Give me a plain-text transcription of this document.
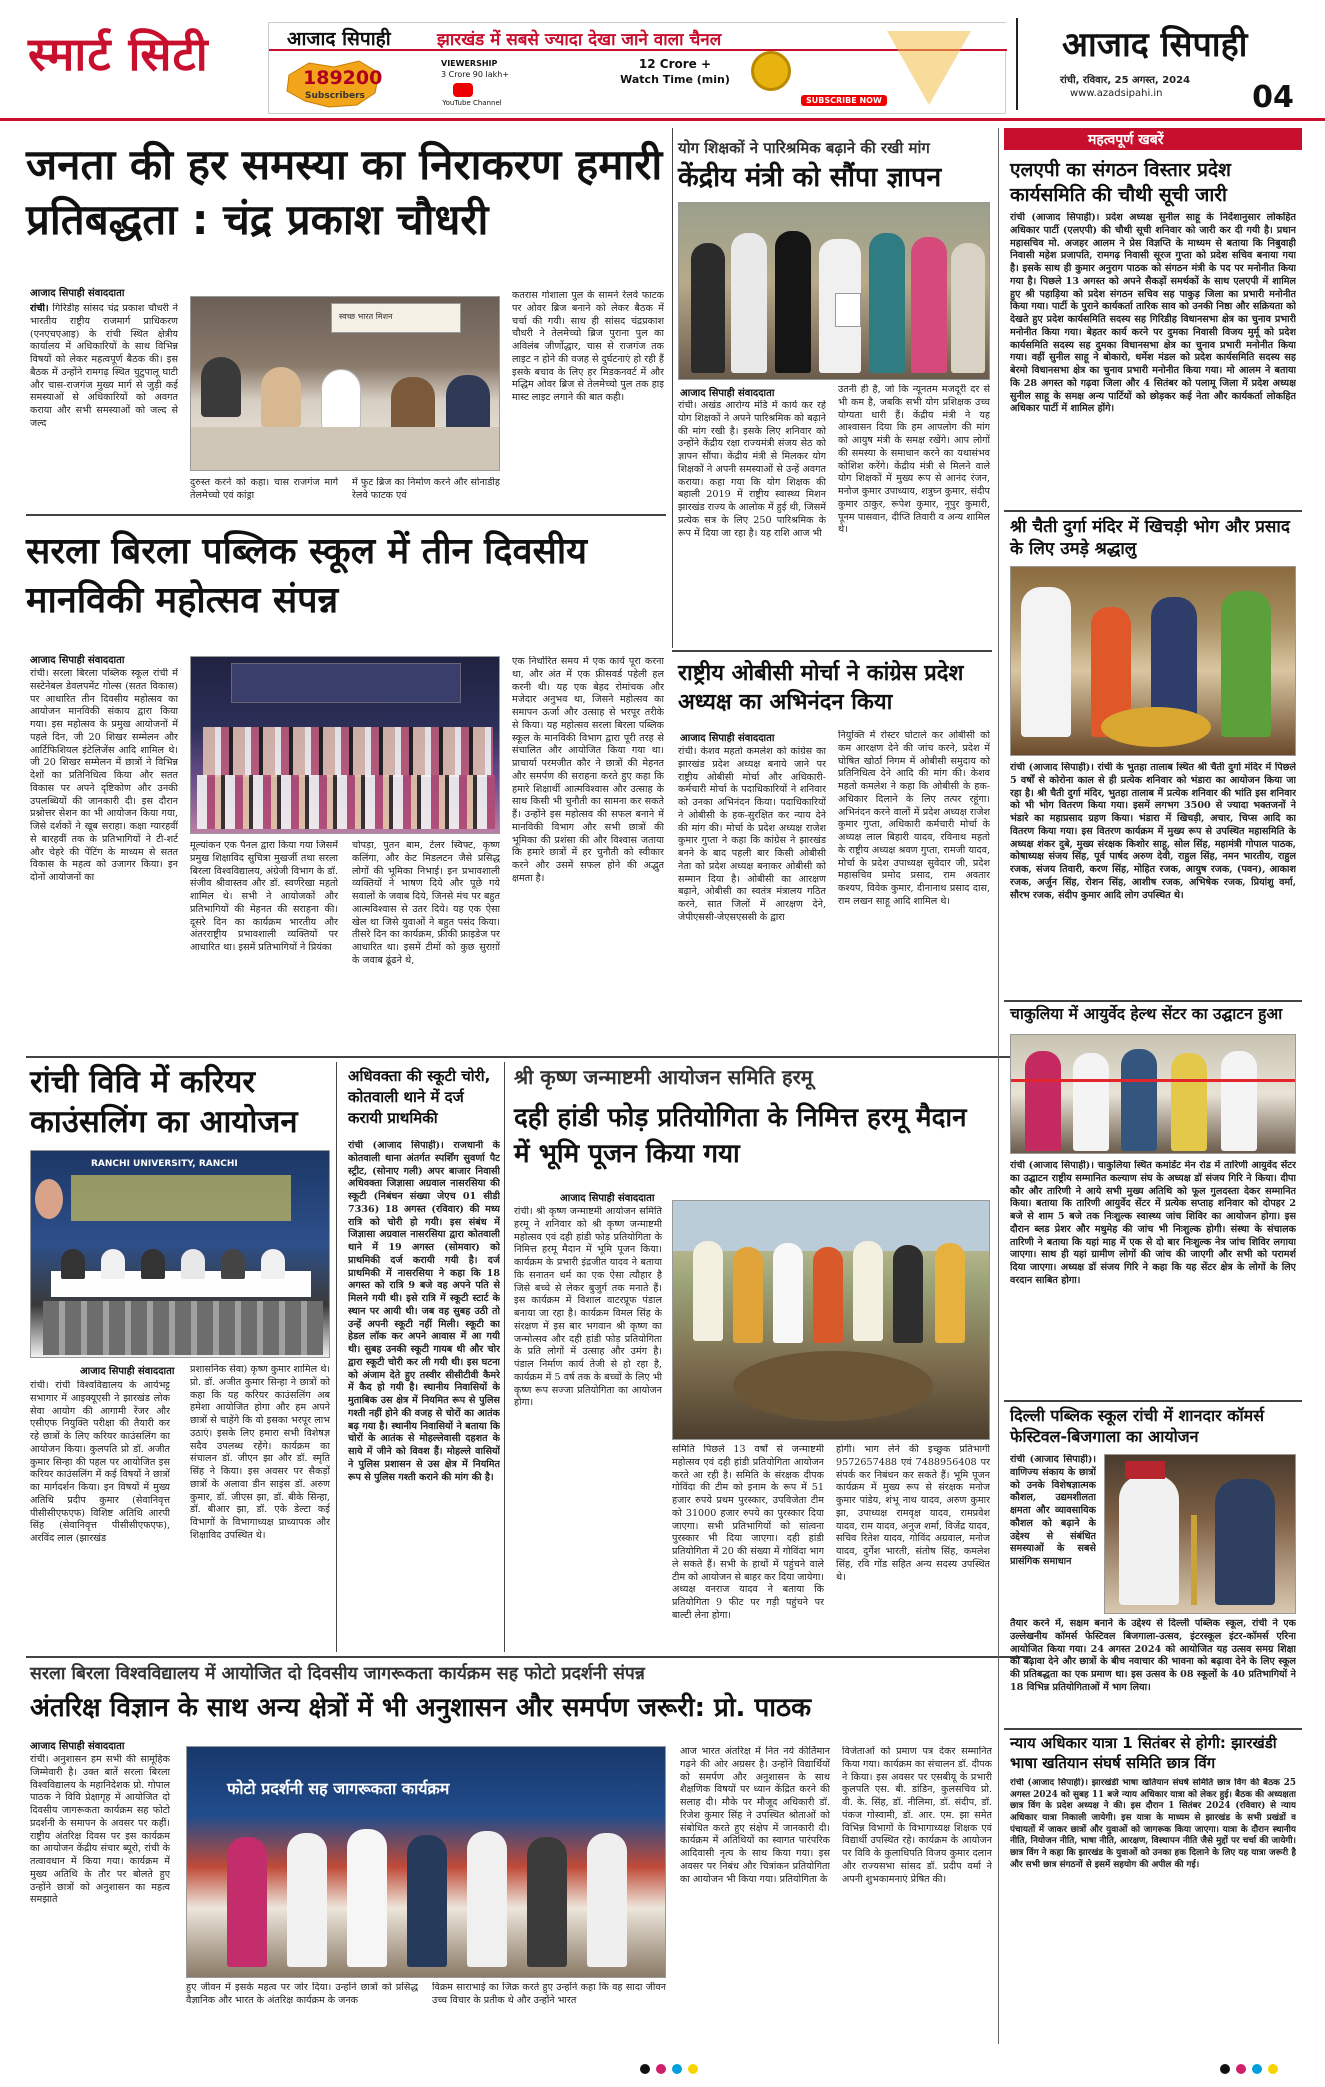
स्मार्ट सिटी	आजाद सिपाही	झारखंड में सबसे ज्यादा देखा जाने वाला चैनल
189200
Subscribers
VIEWERSHIP
3 Crore 90 lakh+
YouTube Channel
12 Crore +
Watch Time (min)
SUBSCRIBE NOW
आजाद सिपाही
रांची, रविवार, 25 अगस्त, 2024
www.azadsipahi.in	04
जनता की हर समस्या का निराकरण हमारी प्रतिबद्धता : चंद्र प्रकाश चौधरी
आजाद सिपाही संवाददाता
रांची। गिरिडीह सांसद चंद्र प्रकाश चौधरी ने भारतीय राष्ट्रीय राजमार्ग प्राधिकरण (एनएचएआइ) के रांची स्थित क्षेत्रीय कार्यालय में अधिकारियों के साथ विभिन्न विषयों को लेकर महत्वपूर्ण बैठक की। इस बैठक में उन्होंने रामगढ़ स्थित चुटुपालू घाटी और चास-राजगंज मुख्य मार्ग से जुड़ी कई समस्याओं से अधिकारियों को अवगत कराया और सभी समस्याओं को जल्द से जल्द
स्वच्छ भारत मिशन
दुरुस्त करने को कहा। चास राजगंज मार्ग तेलमेच्चो एवं कांड्रा
में फुट ब्रिज का निर्माण करने और सोनाडीह रेलवे फाटक एवं
कतरास गोशाला पुल के सामने रेलवे फाटक पर ओवर ब्रिज बनाने को लेकर बैठक में चर्चा की गयी। साथ ही सांसद चंद्रप्रकाश चौधरी ने तेलमेच्चो ब्रिज पुराना पुल का अविलंब जीर्णोद्धार, चास से राजगंज तक लाइट न होने की वजह से दुर्घटनाएं हो रही हैं इसके बचाव के लिए हर मिडकनवर्ट में और मद्धिम ओवर ब्रिज से तेलमेच्चो पुल तक हाइ मास्ट लाइट लगाने की बात कही।
योग शिक्षकों ने पारिश्रमिक बढ़ाने की रखी मांग
केंद्रीय मंत्री को सौंपा ज्ञापन
आजाद सिपाही संवाददाता
रांची। अखंड आरोग्य मंडि में कार्य कर रहे योग शिक्षकों ने अपने पारिश्रमिक को बढ़ाने की मांग रखी है। इसके लिए शनिवार को उन्होंने केंद्रीय रक्षा राज्यमंत्री संजय सेठ को ज्ञापन सौंपा। केंद्रीय मंत्री से मिलकर योग शिक्षकों ने अपनी समस्याओं से उन्हें अवगत कराया। कहा गया कि योग शिक्षक की बहाली 2019 में राष्ट्रीय स्वास्थ्य मिशन झारखंड राज्य के आलोक में हुई थी, जिसमें प्रत्येक सत्र के लिए 250 पारिश्रमिक के रूप में दिया जा रहा है। यह राशि आज भी
उतनी ही है, जो कि न्यूनतम मजदूरी दर से भी कम है, जबकि सभी योग प्रशिक्षक उच्च योग्यता धारी हैं। केंद्रीय मंत्री ने यह आश्वासन दिया कि हम आपलोग की मांग को आयुष मंत्री के समक्ष रखेंगे। आप लोगों की समस्या के समाधान करने का यथासंभव कोशिश करेंगे। केंद्रीय मंत्री से मिलने वाले योग शिक्षकों में मुख्य रूप से आनंद रंजन, मनोज कुमार उपाध्याय, शत्रुघ्न कुमार, संदीप कुमार ठाकुर, रूपेश कुमार, नूपुर कुमारी, पूनम पासवान, दीप्ति तिवारी व अन्य शामिल थे।
सरला बिरला पब्लिक स्कूल में तीन दिवसीय मानविकी महोत्सव संपन्न
आजाद सिपाही संवाददाता
रांची। सरला बिरला पब्लिक स्कूल रांची में सस्टेनेबल डेवलपमेंट गोल्स (सतत विकास) पर आधारित तीन दिवसीय महोत्सव का आयोजन मानविकी संकाय द्वारा किया गया। इस महोत्सव के प्रमुख आयोजनों में पहले दिन, जी 20 शिखर सम्मेलन और आर्टिफिशियल इंटेलिजेंस आदि शामिल थे। जी 20 शिखर सम्मेलन में छात्रों ने विभिन्न देशों का प्रतिनिधित्व किया और सतत विकास पर अपने दृष्टिकोण और उनकी उपलब्धियों की जानकारी दी। इस दौरान प्रश्नोत्तर सेशन का भी आयोजन किया गया, जिसे दर्शकों ने खूब सराहा। कक्षा ग्यारहवीं से बारहवीं तक के प्रतिभागियों ने टी-शर्ट और चेहरे की पेंटिंग के माध्यम से सतत विकास के महत्व को उजागर किया। इन दोनों आयोजनों का
मूल्यांकन एक पैनल द्वारा किया गया जिसमें प्रमुख शिक्षाविद सुचित्रा मुखर्जी तथा सरला बिरला विश्वविद्यालय, अंग्रेजी विभाग के डॉ. संजीव श्रीवास्तव और डॉ. स्वर्णरेखा महतो शामिल थे। सभी ने आयोजकों और प्रतिभागियों की मेहनत की सराहना की। दूसरे दिन का कार्यक्रम भारतीय और अंतरराष्ट्रीय प्रभावशाली व्यक्तियों पर आधारित था। इसमें प्रतिभागियों ने प्रियंका
चोपड़ा, पुतन बाम, टेलर स्विफ्ट, कृष्ण कलिंगा, और केट मिडलटन जैसे प्रसिद्ध लोगों की भूमिका निभाई। इन प्रभावशाली व्यक्तियों ने भाषण दिये और पूछे गये सवालों के जवाब दिये, जिनसे मंच पर बहुत आत्मविश्वास से उतर दिये। यह एक ऐसा खेल था जिसे युवाओं ने बहुत पसंद किया। तीसरे दिन का कार्यक्रम, फ्रीकी फ्राइडेज पर आधारित था। इसमें टीमों को कुछ सुराग़ों के जवाब ढूंढने थे,
एक निर्धारित समय में एक कार्य पूरा करना था, और अंत में एक फ्रीसवर्ड पहेली हल करनी थी। यह एक बेहद रोमांचक और मजेदार अनुभव था, जिसने महोत्सव का समापन ऊर्जा और उत्साह से भरपूर तरीके से किया। यह महोत्सव सरला बिरला पब्लिक स्कूल के मानविकी विभाग द्वारा पूरी तरह से संचालित और आयोजित किया गया था। प्राचार्या परमजीत कौर ने छात्रों की मेहनत और समर्पण की सराहना करते हुए कहा कि हमारे शिक्षार्थी आत्मविश्वास और उत्साह के साथ किसी भी चुनौती का सामना कर सकते हैं। उन्होंने इस महोत्सव की सफल बनाने में मानविकी विभाग और सभी छात्रों की भूमिका की प्रशंसा की और विश्वास जताया कि हमारे छात्रों में हर चुनौती को स्वीकार करने और उसमें सफल होने की अद्भुत क्षमता है।
राष्ट्रीय ओबीसी मोर्चा ने कांग्रेस प्रदेश अध्यक्ष का अभिनंदन किया
आजाद सिपाही संवाददाता
रांची। केशव महतो कमलेश को कांग्रेस का झारखंड प्रदेश अध्यक्ष बनाये जाने पर राष्ट्रीय ओबीसी मोर्चा और अधिकारी-कर्मचारी मोर्चा के पदाधिकारियों ने शनिवार को उनका अभिनंदन किया। पदाधिकारियों ने ओबीसी के हक-सुरक्षित कर न्याय देने की मांग की। मोर्चा के प्रदेश अध्यक्ष राजेश कुमार गुप्ता ने कहा कि कांग्रेस ने झारखंड बनने के बाद पहली बार किसी ओबीसी नेता को प्रदेश अध्यक्ष बनाकर ओबीसी को सम्मान दिया है। ओबीसी का आरक्षण बढ़ाने, ओबीसी का स्वतंत्र मंत्रालय गठित करने, सात जिलों में आरक्षण देने, जेपीएससी-जेएसएससी के द्वारा
नियुक्ति में रोस्टर घोटाले कर ओबीसी को कम आरक्षण देने की जांच करने, प्रदेश में घोषित खोर्ठा निगम में ओबीसी समुदाय को प्रतिनिधित्व देने आदि की मांग की। केशव महतो कमलेश ने कहा कि ओबीसी के हक-अधिकार दिलाने के लिए तत्पर रहूंगा। अभिनंदन करने वालों में प्रदेश अध्यक्ष राजेश कुमार गुप्ता, अधिकारी कर्मचारी मोर्चा के अध्यक्ष लाल बिहारी यादव, रविनाथ महतो के राष्ट्रीय अध्यक्ष श्रवण गुप्ता, रामजी यादव, मोर्चा के प्रदेश उपाध्यक्ष सुवेदार जी, प्रदेश महासचिव प्रमोद प्रसाद, राम अवतार कश्यप, विवेक कुमार, दीनानाथ प्रसाद दास, राम लखन साहू आदि शामिल थे।
रांची विवि में करियर काउंसलिंग का आयोजन
RANCHI UNIVERSITY, RANCHI
आजाद सिपाही संवाददाता
रांची। रांची विश्वविद्यालय के आर्यभट्ट सभागार में आइक्यूएसी ने झारखंड लोक सेवा आयोग की आगामी रेंजर और एसीएफ नियुक्ति परीक्षा की तैयारी कर रहे छात्रों के लिए करियर काउंसलिंग का आयोजन किया। कुलपति प्रो डॉ. अजीत कुमार सिन्हा की पहल पर आयोजित इस करियर काउंसलिंग में कई विषयों ने छात्रों का मार्गदर्शन किया। इन विषयों में मुख्य अतिथि प्रदीप कुमार (सेवानिवृत्त पीसीसीएफएफ) विशिष्ट अतिथि आरपी सिंह (सेवानिवृत्त पीसीसीएफएफ), अरविंद लाल (झारखंड
प्रशासनिक सेवा) कृष्ण कुमार शामिल थे। प्रो. डॉ. अजीत कुमार सिन्हा ने छात्रों को कहा कि यह करियर काउंसलिंग अब हमेशा आयोजित होगा और हम अपने छात्रों से चाहेंगे कि वो इसका भरपूर लाभ उठाएं। इसके लिए हमारा सभी विशेषज्ञ सदैव उपलब्ध रहेंगे। कार्यक्रम का संचालन डॉ. जीएन झा और डॉ. स्मृति सिंह ने किया। इस अवसर पर सैकड़ों छात्रों के अलावा डीन साइंस डॉ. अरुण कुमार, डॉ. जीएस झा, डॉ. बीके सिन्हा, डॉ. बीआर झा, डॉ. एके डेल्टा कई विभागों के विभागाध्यक्ष प्राध्यापक और शिक्षाविद उपस्थित थे।
अधिवक्ता की स्कूटी चोरी, कोतवाली थाने में दर्ज करायी प्राथमिकी
रांची (आजाद सिपाही)। राजधानी के कोतवाली थाना अंतर्गत स्पर्शिंग सुवर्णा पैट स्ट्रीट, (सोनाए गली) अपर बाजार निवासी अधिवक्ता जिज्ञासा अग्रवाल नासरसिया की स्कूटी (निबंधन संख्या जेएच 01 सीडी 7336) 18 अगस्त (रविवार) की मध्य रात्रि को चोरी हो गयी। इस संबंध में जिज्ञासा अग्रवाल नासरसिया द्वारा कोतवाली थाने में 19 अगस्त (सोमवार) को प्राथमिकी दर्ज करायी गयी है। दर्ज प्राथमिकी में नासरसिया ने कहा कि 18 अगस्त को रात्रि 9 बजे वह अपने पति से मिलने गयी थी। इसे रात्रि में स्कूटी स्टार्ट के स्थान पर आयी थी। जब वह सुबह उठी तो उन्हें अपनी स्कूटी नहीं मिली। स्कूटी का हेडल लॉक कर अपने आवास में आ गयी थी। सुबह उनकी स्कूटी गायब थी और चोर द्वारा स्कूटी चोरी कर ली गयी थी। इस घटना को अंजाम देते हुए तस्वीर सीसीटीवी कैमरे में कैद हो गयी है। स्थानीय निवासियों के मुताबिक उस क्षेत्र में नियमित रूप से पुलिस गश्ती नहीं होने की वजह से चोरों का आतंक बढ़ गया है। स्थानीय निवासियों ने बताया कि चोरों के आतंक से मोहल्लेवासी दहशत के साये में जीने को विवश हैं। मोहल्ले वासियों ने पुलिस प्रशासन से उस क्षेत्र में नियमित रूप से पुलिस गश्ती कराने की मांग की है।
श्री कृष्ण जन्माष्टमी आयोजन समिति हरमू
दही हांडी फोड़ प्रतियोगिता के निमित्त हरमू मैदान में भूमि पूजन किया गया
आजाद सिपाही संवाददाता
रांची। श्री कृष्ण जन्माष्टमी आयोजन समिति हरमू ने शनिवार को श्री कृष्ण जन्माष्टमी महोत्सव एवं दही हांडी फोड़ प्रतियोगिता के निमित्त हरमू मैदान में भूमि पूजन किया। कार्यक्रम के प्रभारी इंद्रजीत यादव ने बताया कि सनातन धर्म का एक ऐसा त्यौहार है जिसे बच्चे से लेकर बुजुर्ग तक मनाते हैं। इस कार्यक्रम में विशाल वाटरप्रूफ पंडाल बनाया जा रहा है। कार्यक्रम विमल सिंह के संरक्षण में इस बार भगवान श्री कृष्ण का जन्मोत्सव और दही हांडी फोड़ प्रतियोगिता के प्रति लोगों में उत्साह और उमंग है। पंडाल निर्माण कार्य तेजी से हो रहा है, कार्यक्रम में 5 वर्ष तक के बच्चों के लिए भी कृष्ण रूप सज्जा प्रतियोगिता का आयोजन होगा।
समिति पिछले 13 वर्षों से जन्माष्टमी महोत्सव एवं दही हांडी प्रतियोगिता आयोजन करते आ रही है। समिति के संरक्षक दीपक गोविंदा की टीम को इनाम के रूप में 51 हजार रुपये प्रथम पुरस्कार, उपविजेता टीम को 31000 हजार रुपये का पुरस्कार दिया जाएगा। सभी प्रतिभागियों को सांत्वना पुरस्कार भी दिया जाएगा। दही हांडी प्रतियोगिता में 20 की संख्या में गोविंदा भाग ले सकते हैं। सभी के हाथों में पहुंचने वाले टीम को आयोजन से बाहर कर दिया जायेगा। अध्यक्ष वनराज यादव ने बताया कि प्रतियोगिता 9 फीट पर गड़ी पहुंचने पर बाल्टी लेना होगा।
होगी। भाग लेने की इच्छुक प्रतिभागी 9572657488 एवं 7488956408 पर संपर्क कर निबंधन कर सकते हैं। भूमि पूजन कार्यक्रम में मुख्य रूप से संरक्षक मनोज कुमार पांडेय, शंभू नाथ यादव, अरुण कुमार झा, उपाध्यक्ष रामवृक्ष यादव, रामप्रवेश यादव, राम यादव, अनुज शर्मा, विजेंद्र यादव, सचिव रितेश यादव, गोविंद अग्रवाल, मनोज यादव, दुर्गेश भारती, संतोष सिंह, कमलेश सिंह, रवि गोंड सहित अन्य सदस्य उपस्थित थे।
सरला बिरला विश्वविद्यालय में आयोजित दो दिवसीय जागरूकता कार्यक्रम सह फोटो प्रदर्शनी संपन्न
अंतरिक्ष विज्ञान के साथ अन्य क्षेत्रों में भी अनुशासन और समर्पण जरूरी: प्रो. पाठक
आजाद सिपाही संवाददाता
रांची। अनुशासन हम सभी की सामूहिक जिम्मेवारी है। उक्त बातें सरला बिरला विश्वविद्यालय के महानिदेशक प्रो. गोपाल पाठक ने विवि प्रेक्षागृह में आयोजित दो दिवसीय जागरूकता कार्यक्रम सह फोटो प्रदर्शनी के समापन के अवसर पर कहीं। राष्ट्रीय अंतरिक्ष दिवस पर इस कार्यक्रम का आयोजन केंद्रीय संचार ब्यूरो, रांची के तत्वावधान में किया गया। कार्यक्रम में मुख्य अतिथि के तौर पर बोलते हुए उन्होंने छात्रों को अनुशासन का महत्व समझाते
फोटो प्रदर्शनी सह जागरूकता कार्यक्रम
हुए जीवन में इसके महत्व पर जोर दिया। उन्होंने छात्रों को प्रसिद्ध वैज्ञानिक और भारत के अंतरिक्ष कार्यक्रम के जनक
विक्रम साराभाई का जिक्र करते हुए उन्होंने कहा कि वह सादा जीवन उच्च विचार के प्रतीक थे और उन्होंने भारत
आज भारत अंतरिक्ष में नित नये कीर्तिमान गढ़ने की ओर अग्रसर है। उन्होंने विद्यार्थियों को समर्पण और अनुशासन के साथ शैक्षणिक विषयों पर ध्यान केंद्रित करने की सलाह दी। मौके पर मौजूद अधिकारी डॉ. रिजेश कुमार सिंह ने उपस्थित श्रोताओं को संबोधित करते हुए संक्षेप में जानकारी दी। कार्यक्रम में अतिथियों का स्वागत पारंपरिक आदिवासी नृत्य के साथ किया गया। इस अवसर पर निबंध और चित्रांकन प्रतियोगिता का आयोजन भी किया गया। प्रतियोगिता के
विजेताओं को प्रमाण पत्र देकर सम्मानित किया गया। कार्यक्रम का संचालन डॉ. दीपक ने किया। इस अवसर पर एसबीयू के प्रभारी कुलपति एस. बी. डांडिन, कुलसचिव प्रो. वी. के. सिंह, डॉ. नीलिमा, डॉ. संदीप, डॉ. पंकज गोस्वामी, डॉ. आर. एम. झा समेत विभिन्न विभागों के विभागाध्यक्ष शिक्षक एवं विद्यार्थी उपस्थित रहे। कार्यक्रम के आयोजन पर विवि के कुलाधिपति विजय कुमार दलान और राज्यसभा सांसद डॉ. प्रदीप वर्मा ने अपनी शुभकामनाएं प्रेषित की।
महत्वपूर्ण खबरें
एलएपी का संगठन विस्तार प्रदेश कार्यसमिति की चौथी सूची जारी
रांची (आजाद सिपाही)। प्रदेश अध्यक्ष सुनील साहू के निर्देशानुसार लोकहित अधिकार पार्टी (एलएपी) की चौथी सूची शनिवार को जारी कर दी गयी है। प्रधान महासचिव मो. अजहर आलम ने प्रेस विज्ञप्ति के माध्यम से बताया कि निबुवाही निवासी महेश प्रजापति, रामगढ़ निवासी सूरज गुप्ता को प्रदेश सचिव बनाया गया है। इसके साथ ही कुमार अनुराग पाठक को संगठन मंत्री के पद पर मनोनीत किया गया है। पिछले 13 अगस्त को अपने सैकड़ों समर्थकों के साथ एलएपी में शामिल हुए श्री पहाड़िया को प्रदेश संगठन सचिव सह पाकुड़ जिला का प्रभारी मनोनीत किया गया। पार्टी के पुराने कार्यकर्ता तारिक साव को उनकी निष्ठा और सक्रियता को देखते हुए प्रदेश कार्यसमिति सदस्य सह गिरिडीह विधानसभा क्षेत्र का चुनाव प्रभारी मनोनीत किया गया। बेहतर कार्य करने पर दुमका निवासी विजय मुर्मू को प्रदेश कार्यसमिति सदस्य सह दुमका विधानसभा क्षेत्र का चुनाव प्रभारी मनोनीत किया गया। वहीं सुनील साहू ने बोकारो, धर्मेश मंडल को प्रदेश कार्यसमिति सदस्य सह बेरमो विधानसभा क्षेत्र का चुनाव प्रभारी मनोनीत किया गया। मो आलम ने बताया कि 28 अगस्त को गढ़वा जिला और 4 सितंबर को पलामू जिला में प्रदेश अध्यक्ष सुनील साहू के समक्ष अन्य पार्टियों को छोड़कर कई नेता और कार्यकर्ता लोकहित अधिकार पार्टी में शामिल होंगे।
श्री चैती दुर्गा मंदिर में खिचड़ी भोग और प्रसाद के लिए उमड़े श्रद्धालु
रांची (आजाद सिपाही)। रांची के भुतहा तालाब स्थित श्री चैती दुर्गा मंदिर में पिछले 5 वर्षों से कोरोना काल से ही प्रत्येक शनिवार को भंडारा का आयोजन किया जा रहा है। श्री चैती दुर्गा मंदिर, भुतहा तालाब में प्रत्येक शनिवार की भांति इस शनिवार को भी भोग वितरण किया गया। इसमें लगभग 3500 से ज्यादा भक्तजनों ने भंडारे का महाप्रसाद ग्रहण किया। भंडारा में खिचड़ी, अचार, चिप्स आदि का वितरण किया गया। इस वितरण कार्यक्रम में मुख्य रूप से उपस्थित महासमिति के अध्यक्ष शंकर दुबे, मुख्य संरक्षक किशोर साहू, सोल सिंह, महामंत्री गोपाल पाठक, कोषाध्यक्ष संजय सिंह, पूर्व पार्षद अरुण देवी, राहुल सिंह, नमन भारतीय, राहुल रजक, संजय तिवारी, करण सिंह, मोहित रजक, आयुष रजक, (पवन), आकाश रजक, अर्जुन सिंह, रोशन सिंह, आशीष रजक, अभिषेक रजक, प्रियांशु वर्मा, सौरभ रजक, संदीप कुमार आदि लोग उपस्थित थे।
चाकुलिया में आयुर्वेद हेल्थ सेंटर का उद्घाटन हुआ
रांची (आजाद सिपाही)। चाकुलिया स्थित कमांडेंट मेन रोड में तारिणी आयुर्वेद सेंटर का उद्घाटन राष्ट्रीय सम्मानित कल्याण संघ के अध्यक्ष डॉ संजय गिरि ने किया। दीपा कौर और तारिणी ने आये सभी मुख्य अतिथि को फूल गुलदस्ता देकर सम्मानित किया। बताया कि तारिणी आयुर्वेद सेंटर में प्रत्येक सप्ताह शनिवार को दोपहर 2 बजे से शाम 5 बजे तक निःशुल्क स्वास्थ्य जांच शिविर का आयोजन होगा। इस दौरान ब्लड प्रेशर और मधुमेह की जांच भी निःशुल्क होगी। संस्था के संचालक तारिणी ने बताया कि यहां माह में एक से दो बार निःशुल्क नेत्र जांच शिविर लगाया जाएगा। साथ ही यहां ग्रामीण लोगों की जांच की जाएगी और सभी को परामर्श दिया जाएगा। अध्यक्ष डॉ संजय गिरि ने कहा कि यह सेंटर क्षेत्र के लोगों के लिए वरदान साबित होगा।
दिल्ली पब्लिक स्कूल रांची में शानदार कॉमर्स फेस्टिवल-बिजगाला का आयोजन
रांची (आजाद सिपाही)। वाणिज्य संकाय के छात्रों को उनके विशेषज्ञात्मक कौशल, उद्यमशीलता क्षमता और व्यावसायिक कौशल को बढ़ाने के उद्देश्य से संबंधित समस्याओं के सबसे प्रासंगिक समाधान
तैयार करने में, सक्षम बनाने के उद्देश्य से दिल्ली पब्लिक स्कूल, रांची ने एक उल्लेखनीय कॉमर्स फेस्टिवल बिजगाला-उत्सव, इंटरस्कूल इंटर-कॉमर्स एरिना आयोजित किया गया। 24 अगस्त 2024 को आयोजित यह उत्सव समग्र शिक्षा को बढ़ावा देने और छात्रों के बीच नवाचार की भावना को बढ़ावा देने के लिए स्कूल की प्रतिबद्धता का एक प्रमाण था। इस उत्सव के 08 स्कूलों के 40 प्रतिभागियों ने 18 विभिन्न प्रतियोगिताओं में भाग लिया।
न्याय अधिकार यात्रा 1 सितंबर से होगी: झारखंडी भाषा खतियान संघर्ष समिति छात्र विंग
रांची (आजाद सिपाही)। झारखंडी भाषा खतियान संघर्ष समिति छात्र विंग की बैठक 25 अगस्त 2024 को सुबह 11 बजे न्याय अधिकार यात्रा को लेकर हुई। बैठक की अध्यक्षता छात्र विंग के प्रदेश अध्यक्ष ने की। इस दौरान 1 सितंबर 2024 (रविवार) से न्याय अधिकार यात्रा निकाली जायेगी। इस यात्रा के माध्यम से झारखंड के सभी प्रखंडों व पंचायतों में जाकर छात्रों और युवाओं को जागरूक किया जाएगा। यात्रा के दौरान स्थानीय नीति, नियोजन नीति, भाषा नीति, आरक्षण, विस्थापन नीति जैसे मुद्दों पर चर्चा की जायेगी। छात्र विंग ने कहा कि झारखंड के युवाओं को उनका हक दिलाने के लिए यह यात्रा जरूरी है और सभी छात्र संगठनों से इसमें सहयोग की अपील की गई।
